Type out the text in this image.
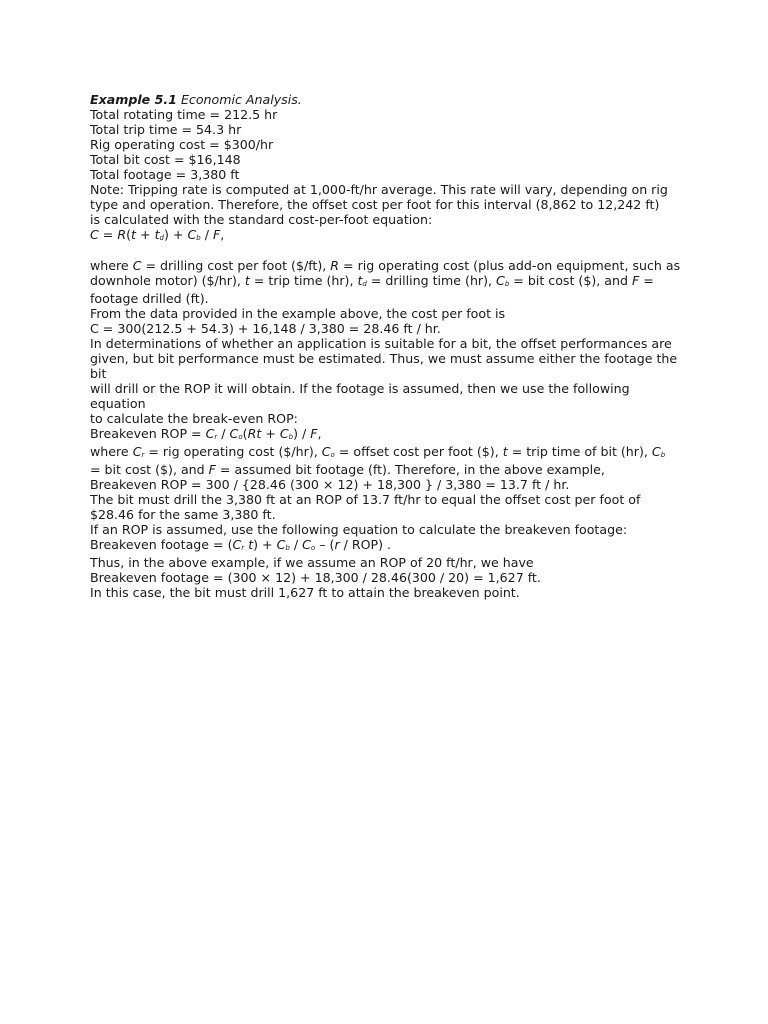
Example 5.1 Economic Analysis.
Total rotating time = 212.5 hr
Total trip time = 54.3 hr
Rig operating cost = $300/hr
Total bit cost = $16,148
Total footage = 3,380 ft
Note: Tripping rate is computed at 1,000-ft/hr average. This rate will vary, depending on rig type and operation. Therefore, the offset cost per foot for this interval (8,862 to 12,242 ft)
is calculated with the standard cost-per-foot equation:
$C = R(t + t_d) + C_b / F$,
where C = drilling cost per foot ($/ft), R = rig operating cost (plus add-on equipment, such as
downhole motor) ($/hr), t = trip time (hr), $t_d$ = drilling time (hr), $C_b$ = bit cost ($), and F =
footage drilled (ft).
From the data provided in the example above, the cost per foot is
C = 300(212.5 + 54.3) + 16,148 / 3,380 = 28.46 ft / hr.
In determinations of whether an application is suitable for a bit, the offset performances are
given, but bit performance must be estimated. Thus, we must assume either the footage the
bit
will drill or the ROP it will obtain. If the footage is assumed, then we use the following
equation
to calculate the break-even ROP:
Breakeven ROP = $C_r / C_o(Rt + C_b) / F$,
where $C_r$ = rig operating cost ($/hr), $C_o$ = offset cost per foot ($), t = trip time of bit (hr), $C_b$
= bit cost ($), and F = assumed bit footage (ft). Therefore, in the above example,
Breakeven ROP = 300 / {28.46 (300 × 12) + 18,300 } / 3,380 = 13.7 ft / hr.
The bit must drill the 3,380 ft at an ROP of 13.7 ft/hr to equal the offset cost per foot of
$28.46 for the same 3,380 ft.
If an ROP is assumed, use the following equation to calculate the breakeven footage:
Breakeven footage = ($C_r$ $t) + C_b / C_o - (r / ROP)$ .
Thus, in the above example, if we assume an ROP of 20 ft/hr, we have
Breakeven footage = (300 × 12) + 18,300 / 28.46(300 / 20) = 1,627 ft.
In this case, the bit must drill 1,627 ft to attain the breakeven point.
